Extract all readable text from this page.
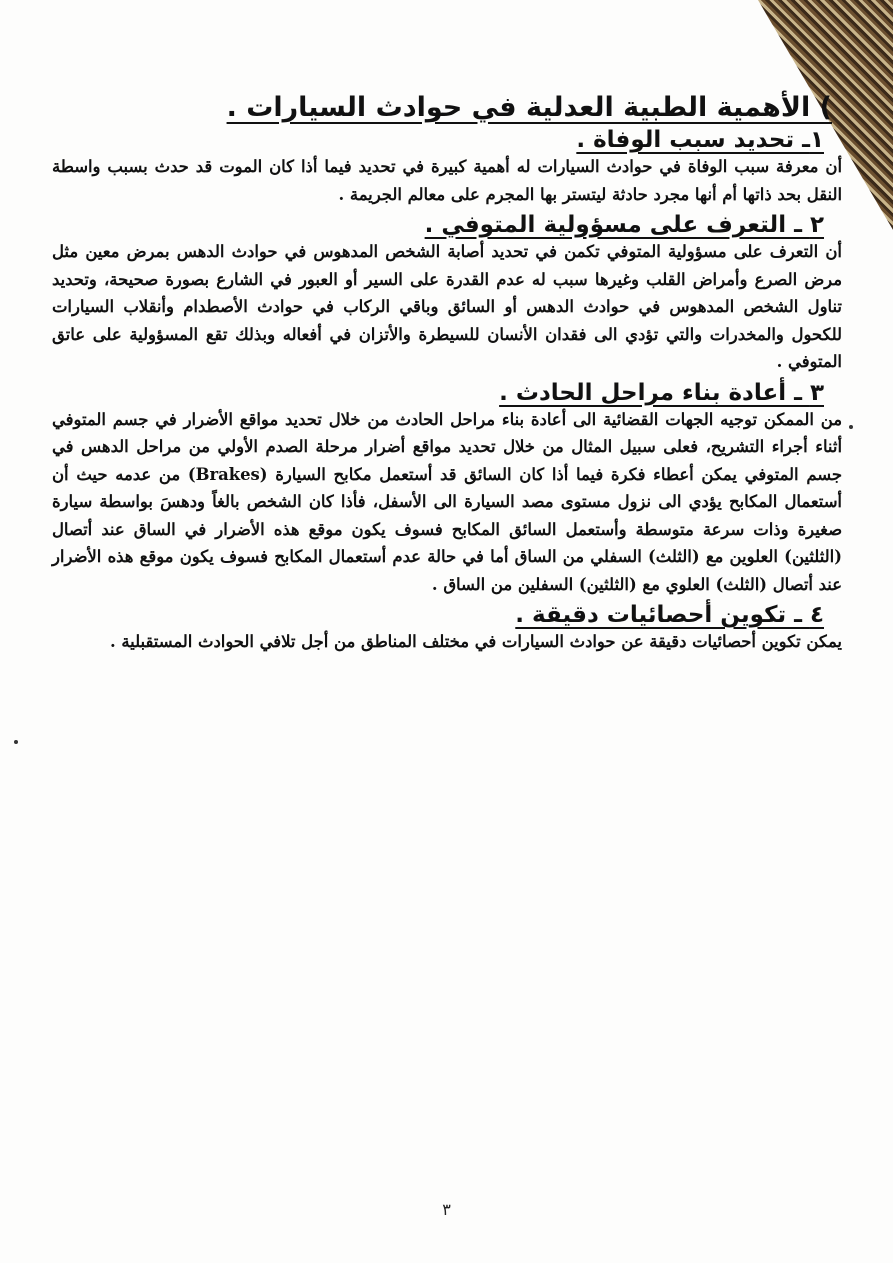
) الأهمية الطبية العدلية في حوادث السيارات .
١ـ تحديد سبب الوفاة .

أن معرفة سبب الوفاة في حوادث السيارات له أهمية كبيرة في تحديد فيما أذا كان الموت قد حدث بسبب واسطة النقل بحد ذاتها أم أنها مجرد حادثة ليتستر بها المجرم على معالم الجريمة .

٢ ـ التعرف على مسؤولية المتوفي .

أن التعرف على مسؤولية المتوفي تكمن في تحديد أصابة الشخص المدهوس في حوادث الدهس بمرض معين مثل مرض الصرع وأمراض القلب وغيرها سبب له عدم القدرة على السير أو العبور في الشارع بصورة صحيحة، وتحديد تناول الشخص المدهوس في حوادث الدهس أو السائق وباقي الركاب في حوادث الأصطدام وأنقلاب السيارات للكحول والمخدرات والتي تؤدي الى فقدان الأنسان للسيطرة والأتزان في أفعاله وبذلك تقع المسؤولية على عاتق المتوفي .

٣ ـ أعادة بناء مراحل الحادث .

من الممكن توجيه الجهات القضائية الى أعادة بناء مراحل الحادث من خلال تحديد مواقع الأضرار في جسم المتوفي أثناء أجراء التشريح، فعلى سبيل المثال من خلال تحديد مواقع أضرار مرحلة الصدم الأولي من مراحل الدهس في جسم المتوفي يمكن أعطاء فكرة فيما أذا كان السائق قد أستعمل مكابح السيارة (Brakes) من عدمه حيث أن أستعمال المكابح يؤدي الى نزول مستوى مصد السيارة الى الأسفل، فأذا كان الشخص بالغاً ودهسَ بواسطة سيارة صغيرة وذات سرعة متوسطة وأستعمل السائق المكابح فسوف يكون موقع هذه الأضرار في الساق عند أتصال (الثلثين) العلوين مع (الثلث) السفلي من الساق أما في حالة عدم أستعمال المكابح فسوف يكون موقع هذه الأضرار عند أتصال (الثلث) العلوي مع (الثلثين) السفلين من الساق .

٤ ـ تكوين أحصائيات دقيقة .

يمكن تكوين أحصائيات دقيقة عن حوادث السيارات في مختلف المناطق من أجل تلافي الحوادث المستقبلية .

٣
